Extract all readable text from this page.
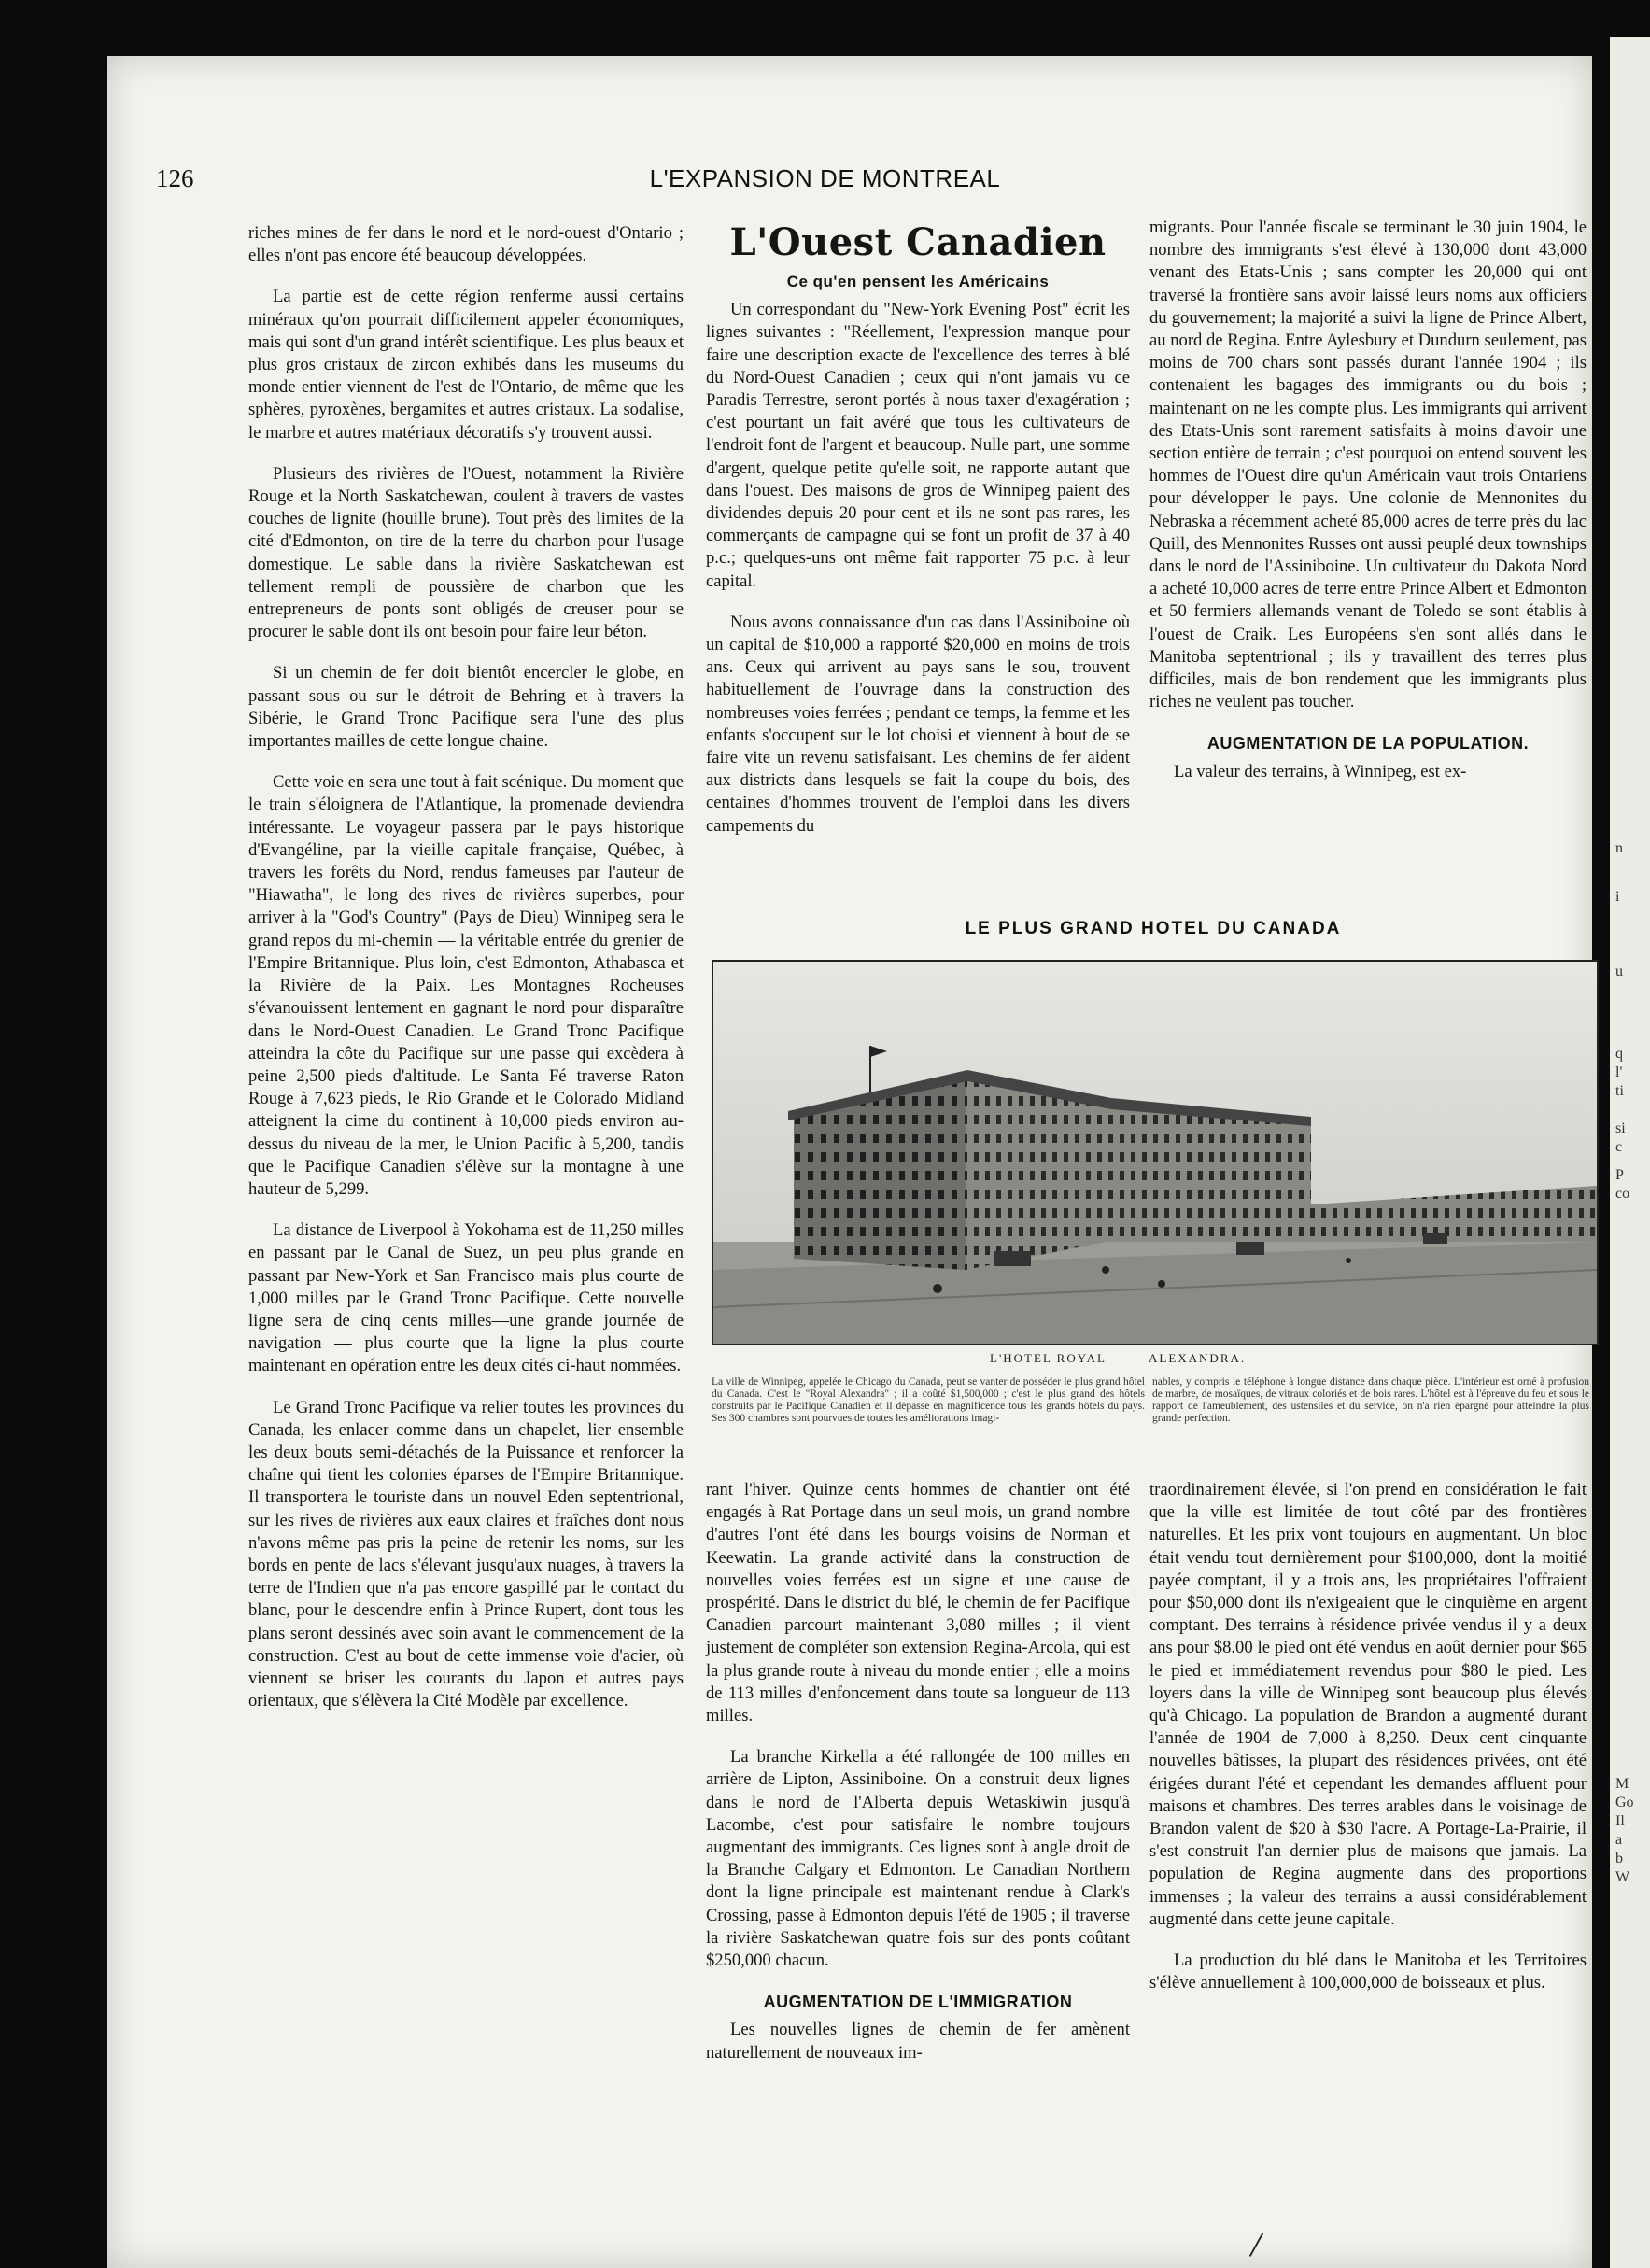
n
i
u
q
l'
ti
si
c
P
co
M
Go
Il
a
b
W
126	L'EXPANSION DE MONTREAL

riches mines de fer dans le nord et le nord-ouest d'Ontario ; elles n'ont pas encore été beaucoup développées.

La partie est de cette région renferme aussi certains minéraux qu'on pourrait difficilement appeler économiques, mais qui sont d'un grand intérêt scientifique. Les plus beaux et plus gros cristaux de zircon exhibés dans les museums du monde entier viennent de l'est de l'Ontario, de même que les sphères, pyroxènes, bergamites et autres cristaux. La sodalise, le marbre et autres matériaux décoratifs s'y trouvent aussi.

Plusieurs des rivières de l'Ouest, notamment la Rivière Rouge et la North Saskatchewan, coulent à travers de vastes couches de lignite (houille brune). Tout près des limites de la cité d'Edmonton, on tire de la terre du charbon pour l'usage domestique. Le sable dans la rivière Saskatchewan est tellement rempli de poussière de charbon que les entrepreneurs de ponts sont obligés de creuser pour se procurer le sable dont ils ont besoin pour faire leur béton.

Si un chemin de fer doit bientôt encercler le globe, en passant sous ou sur le détroit de Behring et à travers la Sibérie, le Grand Tronc Pacifique sera l'une des plus importantes mailles de cette longue chaine.

Cette voie en sera une tout à fait scénique. Du moment que le train s'éloignera de l'Atlantique, la promenade deviendra intéressante. Le voyageur passera par le pays historique d'Evangéline, par la vieille capitale française, Québec, à travers les forêts du Nord, rendus fameuses par l'auteur de "Hiawatha", le long des rives de rivières superbes, pour arriver à la "God's Country" (Pays de Dieu) Winnipeg sera le grand repos du mi-chemin — la véritable entrée du grenier de l'Empire Britannique. Plus loin, c'est Edmonton, Athabasca et la Rivière de la Paix. Les Montagnes Rocheuses s'évanouissent lentement en gagnant le nord pour disparaître dans le Nord-Ouest Canadien. Le Grand Tronc Pacifique atteindra la côte du Pacifique sur une passe qui excèdera à peine 2,500 pieds d'altitude. Le Santa Fé traverse Raton Rouge à 7,623 pieds, le Rio Grande et le Colorado Midland atteignent la cime du continent à 10,000 pieds environ au-dessus du niveau de la mer, le Union Pacific à 5,200, tandis que le Pacifique Canadien s'élève sur la montagne à une hauteur de 5,299.

La distance de Liverpool à Yokohama est de 11,250 milles en passant par le Canal de Suez, un peu plus grande en passant par New-York et San Francisco mais plus courte de 1,000 milles par le Grand Tronc Pacifique. Cette nouvelle ligne sera de cinq cents milles—une grande journée de navigation — plus courte que la ligne la plus courte maintenant en opération entre les deux cités ci-haut nommées.

Le Grand Tronc Pacifique va relier toutes les provinces du Canada, les enlacer comme dans un chapelet, lier ensemble les deux bouts semi-détachés de la Puissance et renforcer la chaîne qui tient les colonies éparses de l'Empire Britannique. Il transportera le touriste dans un nouvel Eden septentrional, sur les rives de rivières aux eaux claires et fraîches dont nous n'avons même pas pris la peine de retenir les noms, sur les bords en pente de lacs s'élevant jusqu'aux nuages, à travers la terre de l'Indien que n'a pas encore gaspillé par le contact du blanc, pour le descendre enfin à Prince Rupert, dont tous les plans seront dessinés avec soin avant le commencement de la construction. C'est au bout de cette immense voie d'acier, où viennent se briser les courants du Japon et autres pays orientaux, que s'élèvera la Cité Modèle par excellence.

L'Ouest Canadien
Ce qu'en pensent les Américains

Un correspondant du "New-York Evening Post" écrit les lignes suivantes : "Réellement, l'expression manque pour faire une description exacte de l'excellence des terres à blé du Nord-Ouest Canadien ; ceux qui n'ont jamais vu ce Paradis Terrestre, seront portés à nous taxer d'exagération ; c'est pourtant un fait avéré que tous les cultivateurs de l'endroit font de l'argent et beaucoup. Nulle part, une somme d'argent, quelque petite qu'elle soit, ne rapporte autant que dans l'ouest. Des maisons de gros de Winnipeg paient des dividendes depuis 20 pour cent et ils ne sont pas rares, les commerçants de campagne qui se font un profit de 37 à 40 p.c.; quelques-uns ont même fait rapporter 75 p.c. à leur capital.

Nous avons connaissance d'un cas dans l'Assiniboine où un capital de $10,000 a rapporté $20,000 en moins de trois ans. Ceux qui arrivent au pays sans le sou, trouvent habituellement de l'ouvrage dans la construction des nombreuses voies ferrées ; pendant ce temps, la femme et les enfants s'occupent sur le lot choisi et viennent à bout de se faire vite un revenu satisfaisant. Les chemins de fer aident aux districts dans lesquels se fait la coupe du bois, des centaines d'hommes trouvent de l'emploi dans les divers campements du

migrants. Pour l'année fiscale se terminant le 30 juin 1904, le nombre des immigrants s'est élevé à 130,000 dont 43,000 venant des Etats-Unis ; sans compter les 20,000 qui ont traversé la frontière sans avoir laissé leurs noms aux officiers du gouvernement; la majorité a suivi la ligne de Prince Albert, au nord de Regina. Entre Aylesbury et Dundurn seulement, pas moins de 700 chars sont passés durant l'année 1904 ; ils contenaient les bagages des immigrants ou du bois ; maintenant on ne les compte plus. Les immigrants qui arrivent des Etats-Unis sont rarement satisfaits à moins d'avoir une section entière de terrain ; c'est pourquoi on entend souvent les hommes de l'Ouest dire qu'un Américain vaut trois Ontariens pour développer le pays. Une colonie de Mennonites du Nebraska a récemment acheté 85,000 acres de terre près du lac Quill, des Mennonites Russes ont aussi peuplé deux townships dans le nord de l'Assiniboine. Un cultivateur du Dakota Nord a acheté 10,000 acres de terre entre Prince Albert et Edmonton et 50 fermiers allemands venant de Toledo se sont établis à l'ouest de Craik. Les Européens s'en sont allés dans le Manitoba septentrional ; ils y travaillent des terres plus difficiles, mais de bon rendement que les immigrants plus riches ne veulent pas toucher.

AUGMENTATION DE LA POPULATION.

La valeur des terrains, à Winnipeg, est ex-

LE PLUS GRAND HOTEL DU CANADA
L'HOTEL ROYAL	ALEXANDRA.
La ville de Winnipeg, appelée le Chicago du Canada, peut se vanter de posséder le plus grand hôtel du Canada. C'est le "Royal Alexandra" ; il a coûté $1,500,000 ; c'est le plus grand des hôtels construits par le Pacifique Canadien et il dépasse en magnificence tous les grands hôtels du pays. Ses 300 chambres sont pourvues de toutes les améliorations imagi-
nables, y compris le téléphone à longue distance dans chaque pièce. L'intérieur est orné à profusion de marbre, de mosaïques, de vitraux coloriés et de bois rares. L'hôtel est à l'épreuve du feu et sous le rapport de l'ameublement, des ustensiles et du service, on n'a rien épargné pour atteindre la plus grande perfection.

rant l'hiver. Quinze cents hommes de chantier ont été engagés à Rat Portage dans un seul mois, un grand nombre d'autres l'ont été dans les bourgs voisins de Norman et Keewatin. La grande activité dans la construction de nouvelles voies ferrées est un signe et une cause de prospérité. Dans le district du blé, le chemin de fer Pacifique Canadien parcourt maintenant 3,080 milles ; il vient justement de compléter son extension Regina-Arcola, qui est la plus grande route à niveau du monde entier ; elle a moins de 113 milles d'enfoncement dans toute sa longueur de 113 milles.

La branche Kirkella a été rallongée de 100 milles en arrière de Lipton, Assiniboine. On a construit deux lignes dans le nord de l'Alberta depuis Wetaskiwin jusqu'à Lacombe, c'est pour satisfaire le nombre toujours augmentant des immigrants. Ces lignes sont à angle droit de la Branche Calgary et Edmonton. Le Canadian Northern dont la ligne principale est maintenant rendue à Clark's Crossing, passe à Edmonton depuis l'été de 1905 ; il traverse la rivière Saskatchewan quatre fois sur des ponts coûtant $250,000 chacun.

AUGMENTATION DE L'IMMIGRATION

Les nouvelles lignes de chemin de fer amènent naturellement de nouveaux im-

traordinairement élevée, si l'on prend en considération le fait que la ville est limitée de tout côté par des frontières naturelles. Et les prix vont toujours en augmentant. Un bloc était vendu tout dernièrement pour $100,000, dont la moitié payée comptant, il y a trois ans, les propriétaires l'offraient pour $50,000 dont ils n'exigeaient que le cinquième en argent comptant. Des terrains à résidence privée vendus il y a deux ans pour $8.00 le pied ont été vendus en août dernier pour $65 le pied et immédiatement revendus pour $80 le pied. Les loyers dans la ville de Winnipeg sont beaucoup plus élevés qu'à Chicago. La population de Brandon a augmenté durant l'année de 1904 de 7,000 à 8,250. Deux cent cinquante nouvelles bâtisses, la plupart des résidences privées, ont été érigées durant l'été et cependant les demandes affluent pour maisons et chambres. Des terres arables dans le voisinage de Brandon valent de $20 à $30 l'acre. A Portage-La-Prairie, il s'est construit l'an dernier plus de maisons que jamais. La population de Regina augmente dans des proportions immenses ; la valeur des terrains a aussi considérablement augmenté dans cette jeune capitale.

La production du blé dans le Manitoba et les Territoires s'élève annuellement à 100,000,000 de boisseaux et plus.

/
